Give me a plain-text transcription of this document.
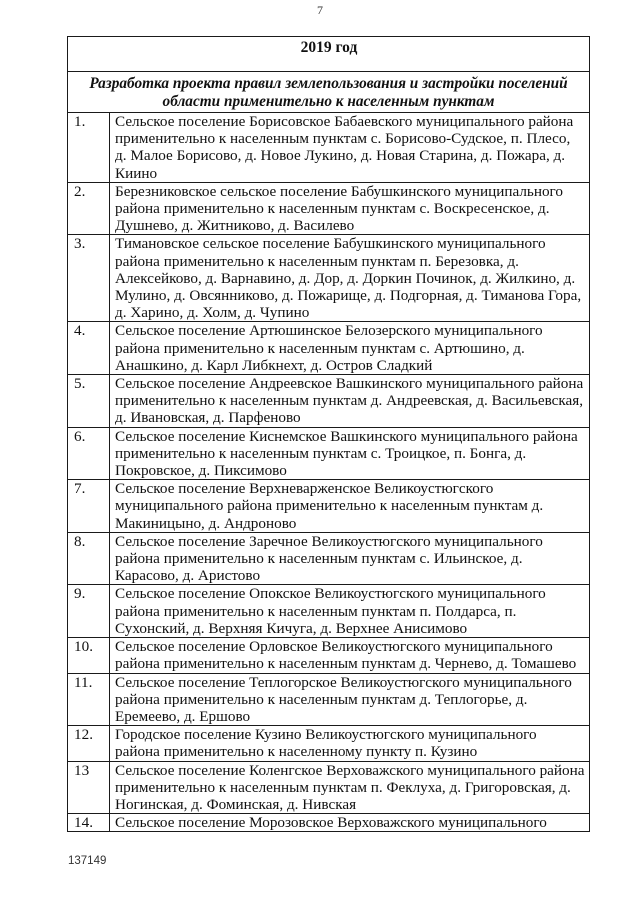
7
2019 год	
Разработка проекта правил землепользования и застройки поселений области применительно к населенным пунктам	
1.	Сельское поселение Борисовское Бабаевского муниципального района применительно к населенным пунктам с. Борисово-Судское, п. Плесо, д. Малое Борисово, д. Новое Лукино, д. Новая Старина, д. Пожара, д. Киино
2.	Березниковское сельское поселение Бабушкинского муниципального района применительно к населенным пунктам с. Воскресенское, д. Душнево, д. Житниково, д. Василево
3.	Тимановское сельское поселение Бабушкинского муниципального района применительно к населенным пунктам п. Березовка, д. Алексейково, д. Варнавино, д. Дор, д. Доркин Починок, д. Жилкино, д. Мулино, д. Овсянниково, д. Пожарище, д. Подгорная, д. Тиманова Гора, д. Харино, д. Холм, д. Чупино
4.	Сельское поселение Артюшинское Белозерского муниципального района применительно к населенным пунктам с. Артюшино, д. Анашкино, д. Карл Либкнехт, д. Остров Сладкий
5.	Сельское поселение Андреевское Вашкинского муниципального района применительно к населенным пунктам д. Андреевская, д. Васильевская, д. Ивановская, д. Парфеново
6.	Сельское поселение Киснемское Вашкинского муниципального района применительно к населенным пунктам с. Троицкое, п. Бонга, д. Покровское, д. Пиксимово
7.	Сельское поселение Верхневарженское Великоустюгского муниципального района применительно к населенным пунктам д. Макиницыно, д. Андроново
8.	Сельское поселение Заречное Великоустюгского муниципального района применительно к населенным пунктам с. Ильинское, д. Карасово, д. Аристово
9.	Сельское поселение Опокское Великоустюгского муниципального района применительно к населенным пунктам п. Полдарса, п. Сухонский, д. Верхняя Кичуга, д. Верхнее Анисимово
10.	Сельское поселение Орловское Великоустюгского муниципального района применительно к населенным пунктам д. Чернево, д. Томашево
11.	Сельское поселение Теплогорское Великоустюгского муниципального района применительно к населенным пунктам д. Теплогорье, д. Еремеево, д. Ершово
12.	Городское поселение Кузино Великоустюгского муниципального района применительно к населенному пункту п. Кузино
13	Сельское поселение Коленгское Верховажского муниципального района применительно к населенным пунктам п. Феклуха, д. Григоровская, д. Ногинская, д. Фоминская, д. Нивская
14.	Сельское поселение Морозовское Верховажского муниципального
137149
